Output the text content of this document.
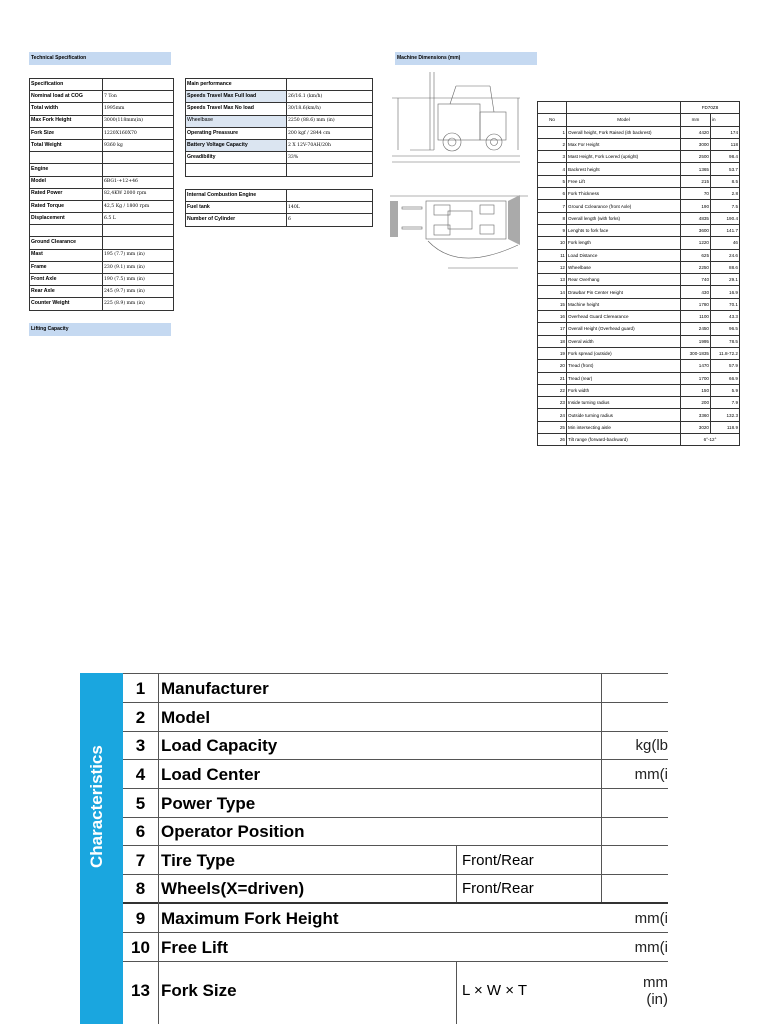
Technical Specification
Lifting Capacity
Machine Dimensions (mm)
Specification	
Nominal load at COG	7 Ton
Total width	1995mm
Max Fork Height	3000(118mm(in)
Fork Size	1220X160X70
Total Weight	9360 kg

Engine	
Model	6BG1-+12+46
Rated Power	82,4KW 2000 rpm
Rated Torque	42,5 Kg / 1800 rpm
Displacement	6.5 L

Ground Clearance	
Mast	195 (7.7) mm (in)
Frame	230 (9.1) mm (in)
Front Axle	190 (7.5) mm (in)
Rear Axle	245 (9.7) mm (in)
Counter Weight	225 (8.9) mm (in)
Main performance	
Speeds Travel Max Full load	26/16.1 (km/h)
Speeds Travel Max No load	30/18.6(km/h)
Wheelbase	2250 (88.6) mm (in)
Operating Preassure	200 kgf / 2844 cm
Battery Voltage Capacity	2 X 12V-70AH/20h
Greadibility	33%

Internal Combustion Engine	
Fuel tank	140L
Number of Cylinder	6
		FD70Z8	
No	Model	mm	in
1	Overall height, Fork Raised (ith backrest)	4420	174
2	Max For Height	3000	118
3	Mast Height, Fork Loered (upright)	2500	98.4
4	Backrest height	1365	53.7
5	Free Lift	215	8.5
6	Fork Thickness	70	2.8
7	Ground Cclearance (front Axle)	190	7.5
8	Overall length (with forks)	4835	190.4
9	Lenghts to fork face	3600	141.7
10	Fork length	1220	46
11	Load Distance	625	24.6
12	Wheelbase	2250	88.6
13	Rear Overhang	740	29.1
14	Drawbar Pin Center Height	430	16.9
15	Machine height	1780	70.1
16	Overhead Guard Clerearance	1100	43.3
17	Overall Height (Overhead guard)	2450	96.5
18	Overal width	1995	78.5
19	Fork spread (outside)	300-1835	11.8-72.2
20	Tread (front)	1470	57.9
21	Tread (rear)	1700	66.9
22	Fork width	150	5.9
23	Inside turning radius	200	7.9
24	Outside turning radius	3360	132.3
25	Min intersecting aisle	3020	118.9
26	Tilt range (forward-backward)	6°-12°	
Characteristics
1 Manufacturer
2 Model
3 Load Capacity	kg(lb
4 Load Center	mm(i
5 Power Type
6 Operator Position
7 Tire Type	Front/Rear
8 Wheels(X=driven)	Front/Rear
9 Maximum Fork Height	mm(i
10 Free Lift	mm(i
13 Fork Size	L × W × T	mm
(in)
